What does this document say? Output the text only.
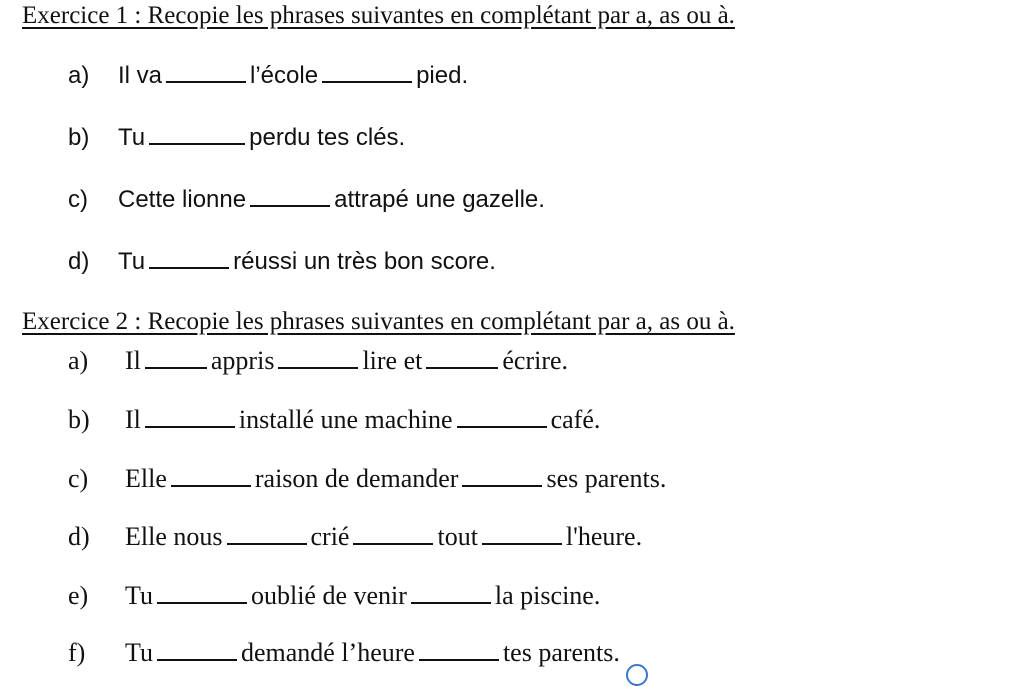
Exercice 1 : Recopie les phrases suivantes en complétant par a, as ou à.
a)	Il va	l’école	pied.
b)	Tu	perdu tes clés.
c)	Cette lionne	attrapé une gazelle.
d)	Tu	réussi un très bon score.
Exercice 2 : Recopie les phrases suivantes en complétant par a, as ou à.
a)	Il	appris	lire et	écrire.
b)	Il	installé une machine	café.
c)	Elle	raison de demander	ses parents.
d)	Elle nous	crié	tout	l'heure.
e)	Tu	oublié de venir	la piscine.
f)	Tu	demandé l’heure	tes parents.
